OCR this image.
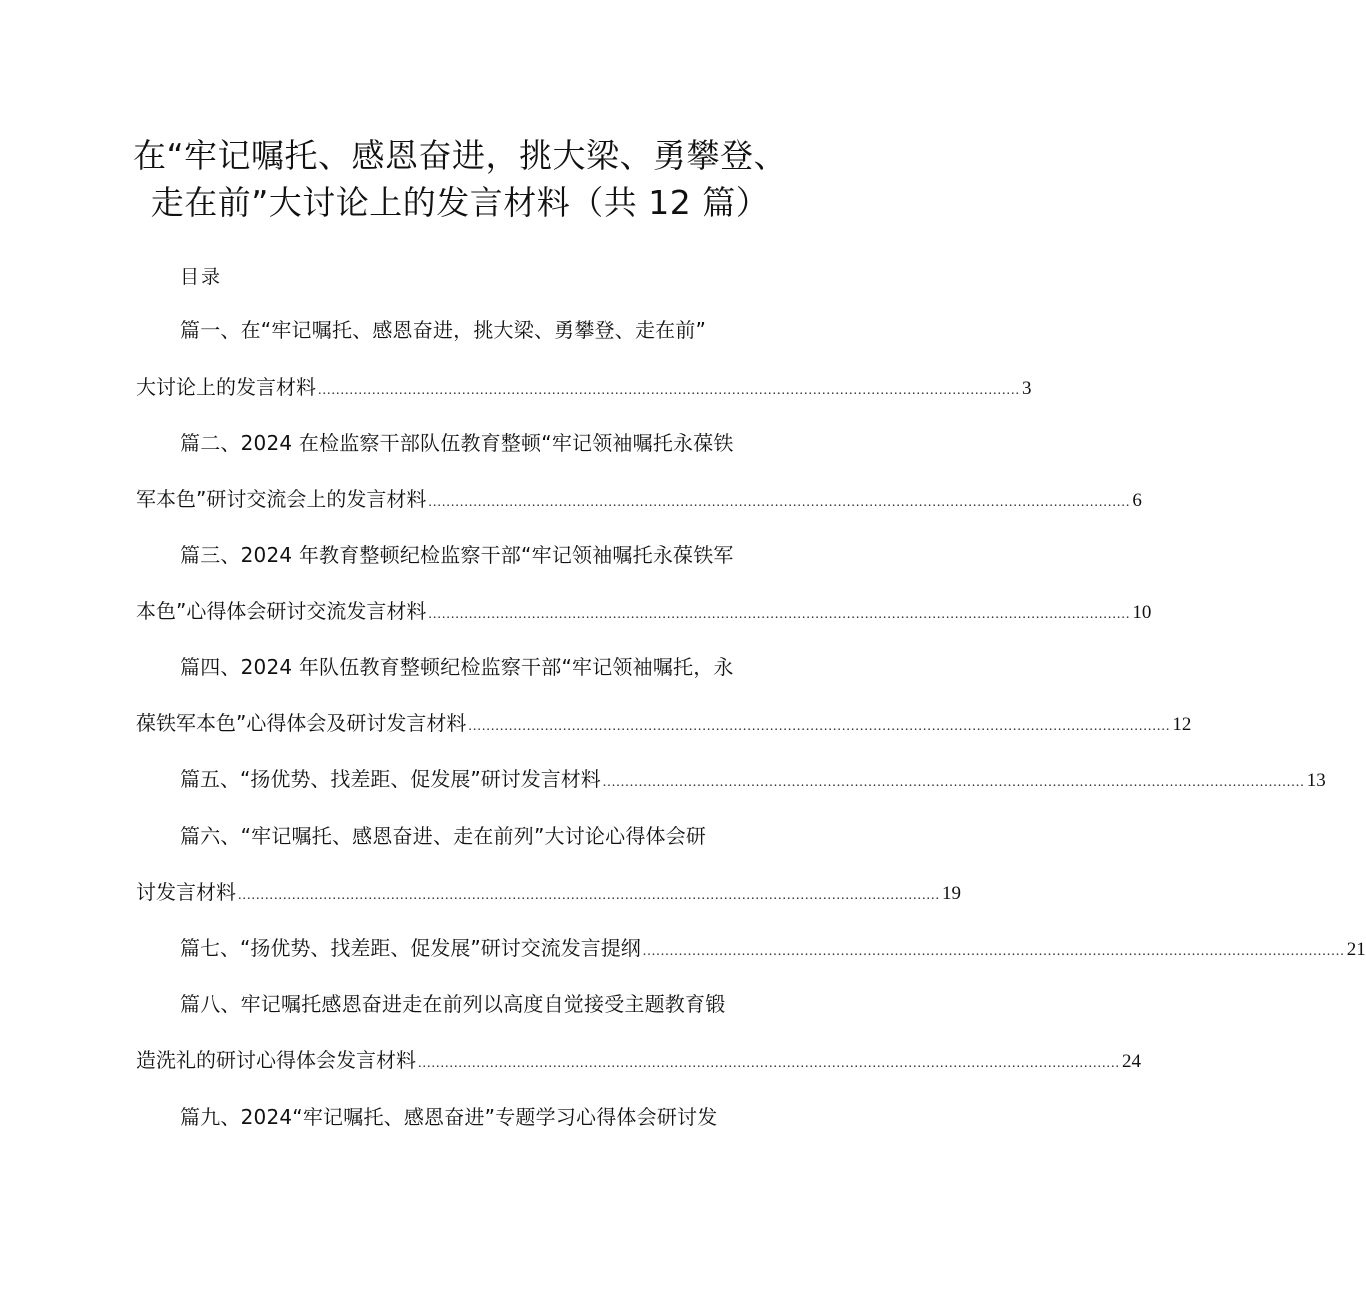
在“牢记嘱托、感恩奋进，挑大梁、勇攀登、
走在前”大讨论上的发言材料（共 12 篇）
目录
篇一、在“牢记嘱托、感恩奋进，挑大梁、勇攀登、走在前”
大讨论上的发言材料 ............................................................................................................................................................ 3
篇二、2024 在检监察干部队伍教育整顿“牢记领袖嘱托永葆铁
军本色”研讨交流会上的发言材料 ............................................................................................................................................................ 6
篇三、2024 年教育整顿纪检监察干部“牢记领袖嘱托永葆铁军
本色”心得体会研讨交流发言材料 ............................................................................................................................................................ 10
篇四、2024 年队伍教育整顿纪检监察干部“牢记领袖嘱托，永
葆铁军本色”心得体会及研讨发言材料 ............................................................................................................................................................ 12
篇五、“扬优势、找差距、促发展”研讨发言材料 ............................................................................................................................................................ 13
篇六、“牢记嘱托、感恩奋进、走在前列”大讨论心得体会研
讨发言材料 ............................................................................................................................................................ 19
篇七、“扬优势、找差距、促发展”研讨交流发言提纲 ............................................................................................................................................................ 21
篇八、牢记嘱托感恩奋进走在前列以高度自觉接受主题教育锻
造洗礼的研讨心得体会发言材料 ............................................................................................................................................................ 24
篇九、2024“牢记嘱托、感恩奋进”专题学习心得体会研讨发
